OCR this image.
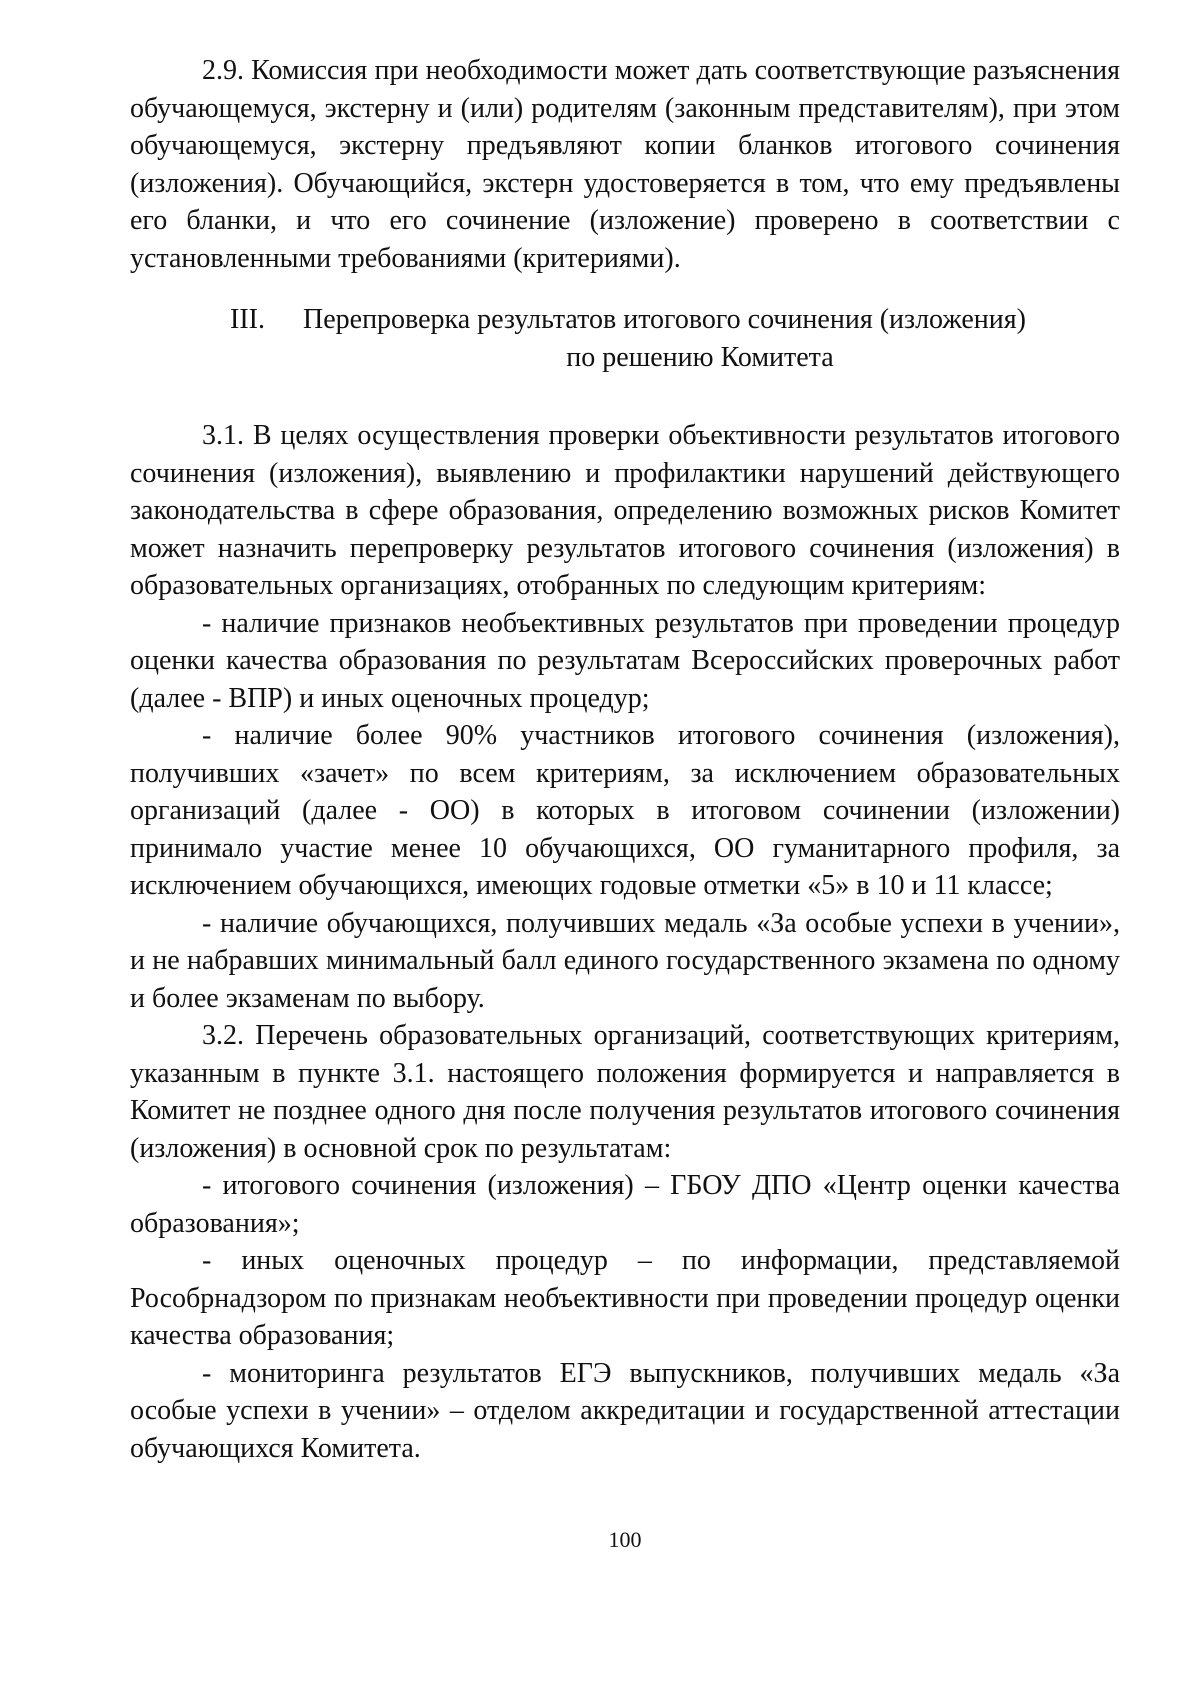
2.9. Комиссия при необходимости может дать соответствующие разъяснения обучающемуся, экстерну и (или) родителям (законным представителям), при этом обучающемуся, экстерну предъявляют копии бланков итогового сочинения (изложения). Обучающийся, экстерн удостоверяется в том, что ему предъявлены его бланки, и что его сочинение (изложение) проверено в соответствии с установленными требованиями (критериями).

III. Перепроверка результатов итогового сочинения (изложения)
по решению Комитета

3.1. В целях осуществления проверки объективности результатов итогового сочинения (изложения), выявлению и профилактики нарушений действующего законодательства в сфере образования, определению возможных рисков Комитет может назначить перепроверку результатов итогового сочинения (изложения) в образовательных организациях, отобранных по следующим критериям:

- наличие признаков необъективных результатов при проведении процедур оценки качества образования по результатам Всероссийских проверочных работ (далее - ВПР) и иных оценочных процедур;

- наличие более 90% участников итогового сочинения (изложения), получивших «зачет» по всем критериям, за исключением образовательных организаций (далее - ОО) в которых в итоговом сочинении (изложении) принимало участие менее 10 обучающихся, ОО гуманитарного профиля, за исключением обучающихся, имеющих годовые отметки «5» в 10 и 11 классе;

- наличие обучающихся, получивших медаль «За особые успехи в учении», и не набравших минимальный балл единого государственного экзамена по одному и более экзаменам по выбору.

3.2. Перечень образовательных организаций, соответствующих критериям, указанным в пункте 3.1. настоящего положения формируется и направляется в Комитет не позднее одного дня после получения результатов итогового сочинения (изложения) в основной срок по результатам:

- итогового сочинения (изложения) – ГБОУ ДПО «Центр оценки качества образования»;

- иных оценочных процедур – по информации, представляемой Рособрнадзором по признакам необъективности при проведении процедур оценки качества образования;

- мониторинга результатов ЕГЭ выпускников, получивших медаль «За особые успехи в учении» – отделом аккредитации и государственной аттестации обучающихся Комитета.

100
